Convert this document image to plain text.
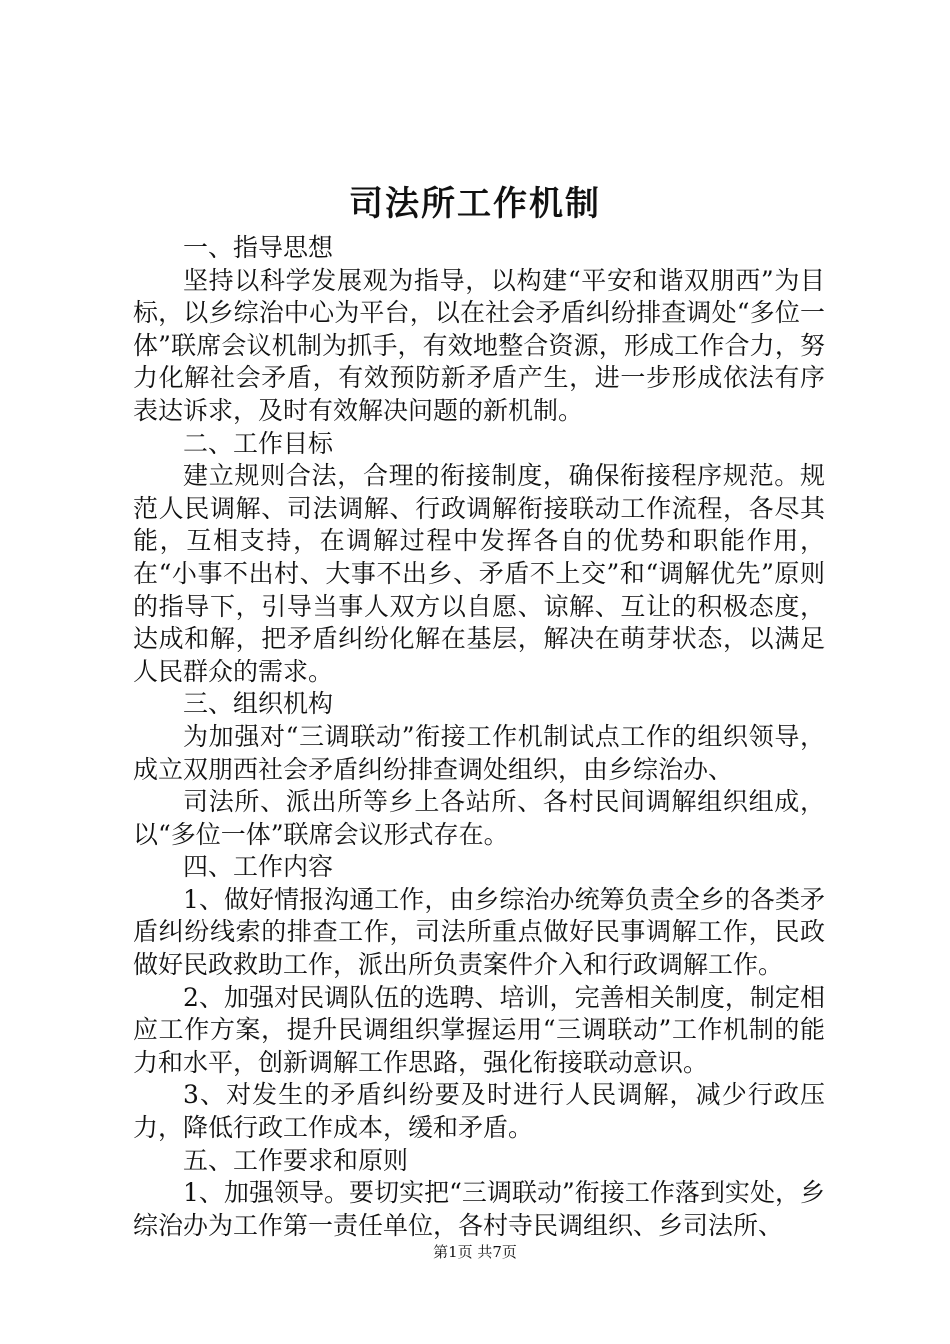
司法所工作机制

一、指导思想

坚持以科学发展观为指导，以构建“平安和谐双朋西”为目标，以乡综治中心为平台，以在社会矛盾纠纷排查调处“多位一体”联席会议机制为抓手，有效地整合资源，形成工作合力，努力化解社会矛盾，有效预防新矛盾产生，进一步形成依法有序表达诉求，及时有效解决问题的新机制。

二、工作目标

建立规则合法，合理的衔接制度，确保衔接程序规范。规范人民调解、司法调解、行政调解衔接联动工作流程，各尽其能，互相支持，在调解过程中发挥各自的优势和职能作用，在“小事不出村、大事不出乡、矛盾不上交”和“调解优先”原则的指导下，引导当事人双方以自愿、谅解、互让的积极态度，达成和解，把矛盾纠纷化解在基层，解决在萌芽状态，以满足人民群众的需求。

三、组织机构

为加强对“三调联动”衔接工作机制试点工作的组织领导，成立双朋西社会矛盾纠纷排查调处组织，由乡综治办、

司法所、派出所等乡上各站所、各村民间调解组织组成，以“多位一体”联席会议形式存在。

四、工作内容

1、做好情报沟通工作，由乡综治办统筹负责全乡的各类矛盾纠纷线索的排查工作，司法所重点做好民事调解工作，民政做好民政救助工作，派出所负责案件介入和行政调解工作。

2、加强对民调队伍的选聘、培训，完善相关制度，制定相应工作方案，提升民调组织掌握运用“三调联动”工作机制的能力和水平，创新调解工作思路，强化衔接联动意识。

3、对发生的矛盾纠纷要及时进行人民调解，减少行政压力，降低行政工作成本，缓和矛盾。

五、工作要求和原则

1、加强领导。要切实把“三调联动”衔接工作落到实处，乡综治办为工作第一责任单位，各村寺民调组织、乡司法所、

第1页 共7页
